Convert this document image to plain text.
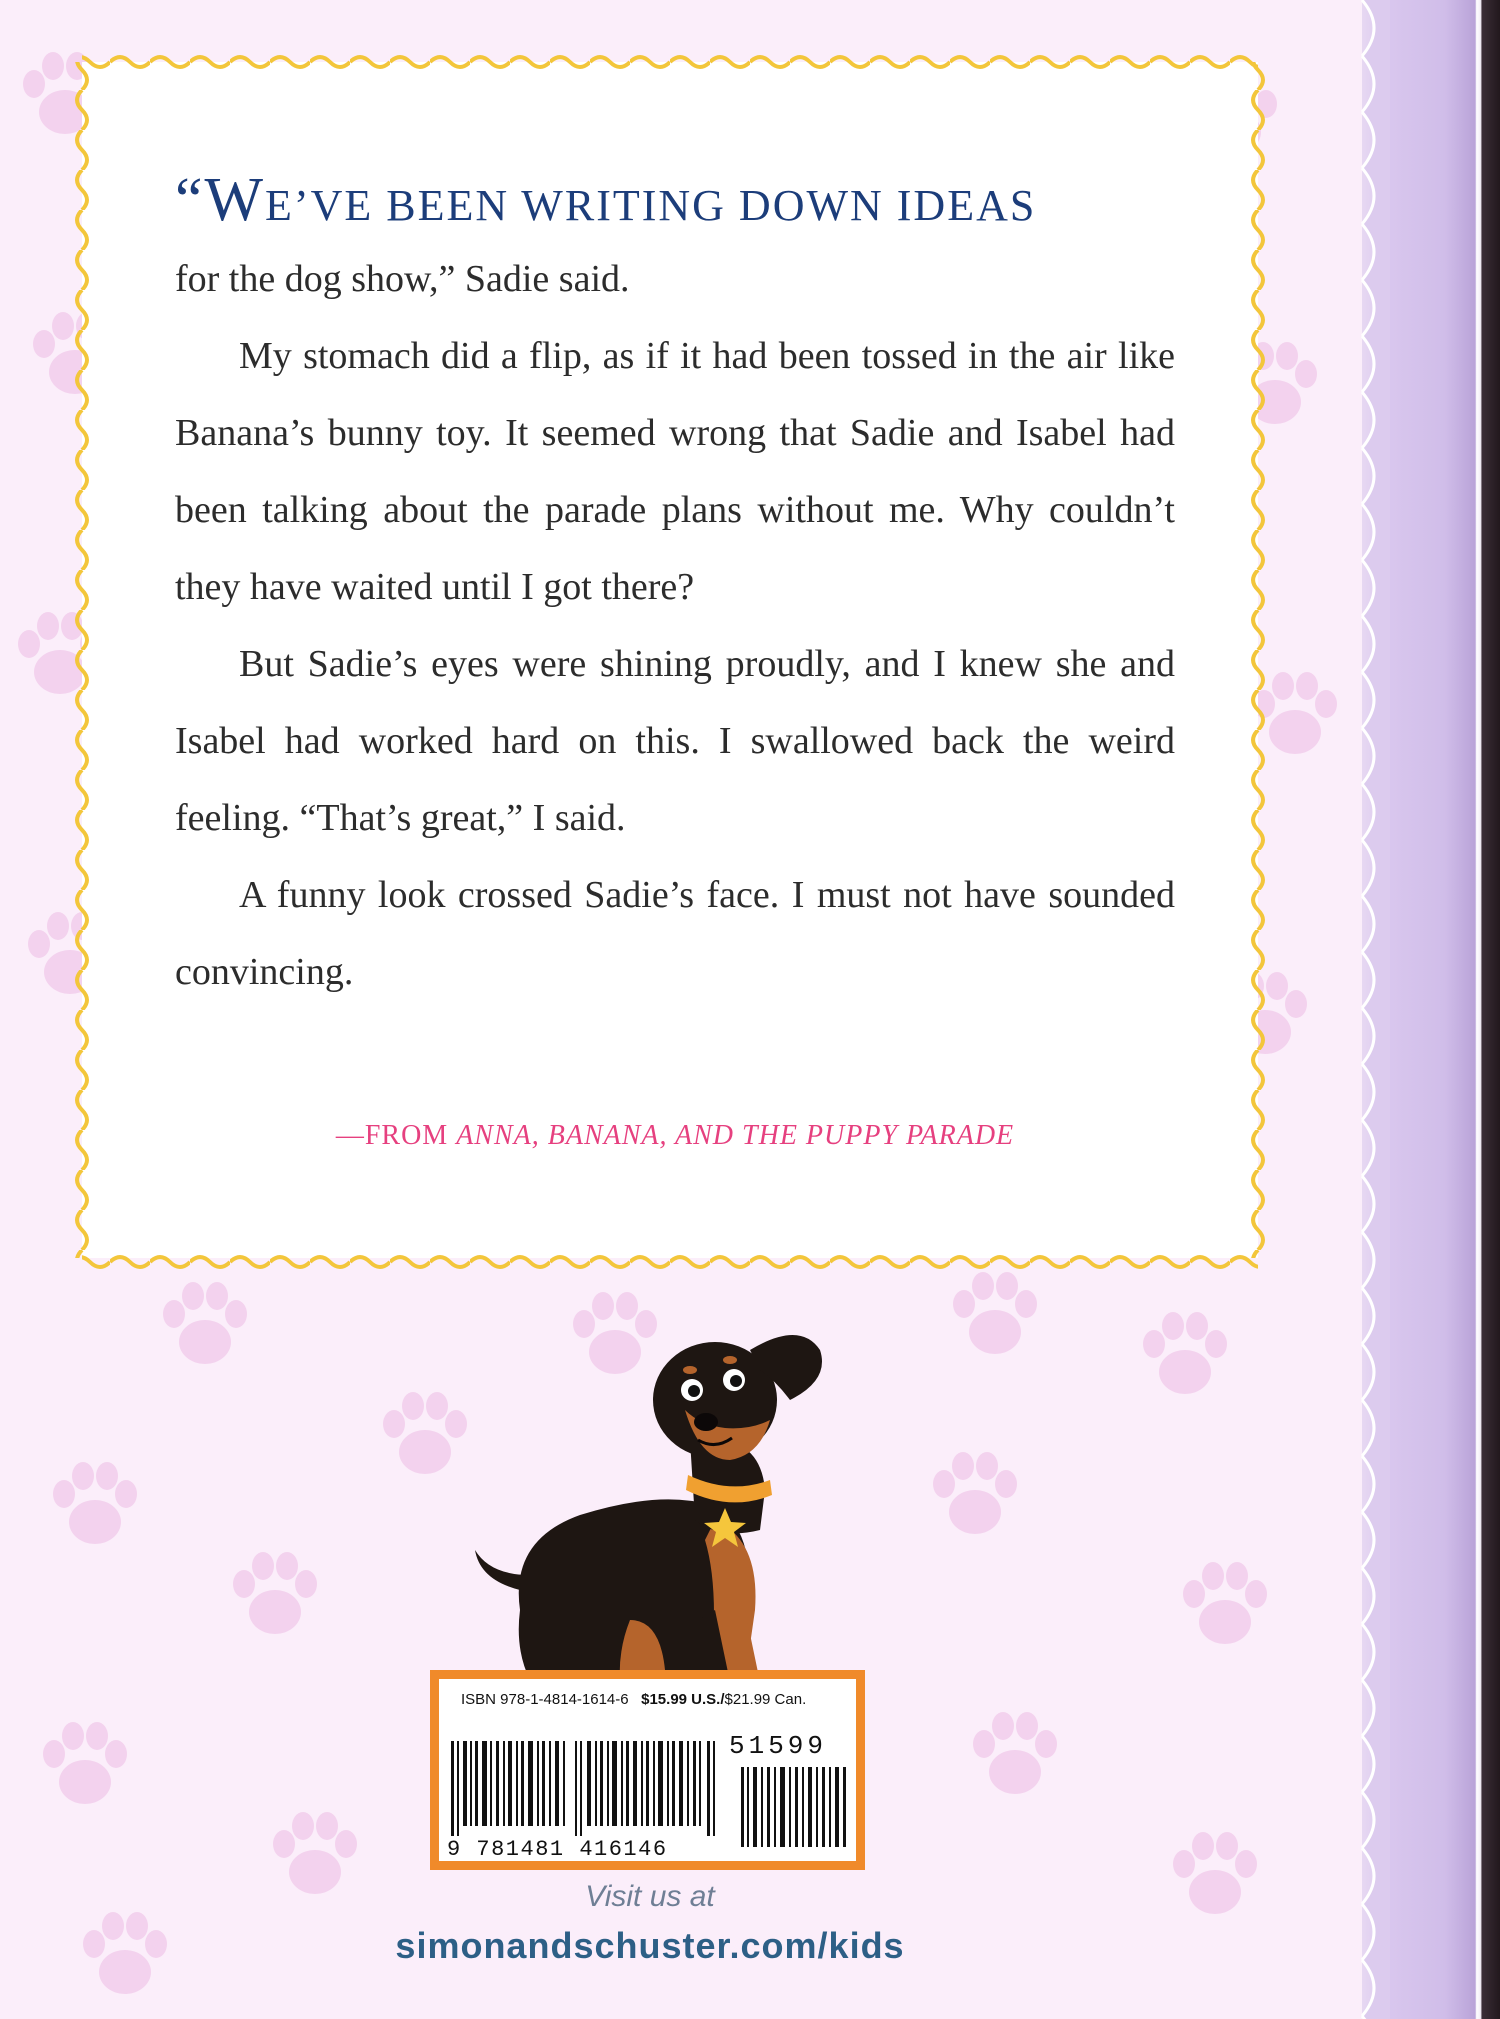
“WE’VE BEEN WRITING DOWN IDEAS

for the dog show,” Sadie said.

My stomach did a flip, as if it had been tossed in the air like Banana’s bunny toy. It seemed wrong that Sadie and Isabel had been talking about the parade plans without me. Why couldn’t they have waited until I got there?

But Sadie’s eyes were shining proudly, and I knew she and Isabel had worked hard on this. I swallowed back the weird feeling. “That’s great,” I said.

A funny look crossed Sadie’s face. I must not have sounded convincing.

—FROM ANNA, BANANA, AND THE PUPPY PARADE
ISBN 978-1-4814-1614-6 $15.99 U.S./$21.99 Can.
51599
9 781481 416146
Visit us at
simonandschuster.com/kids
